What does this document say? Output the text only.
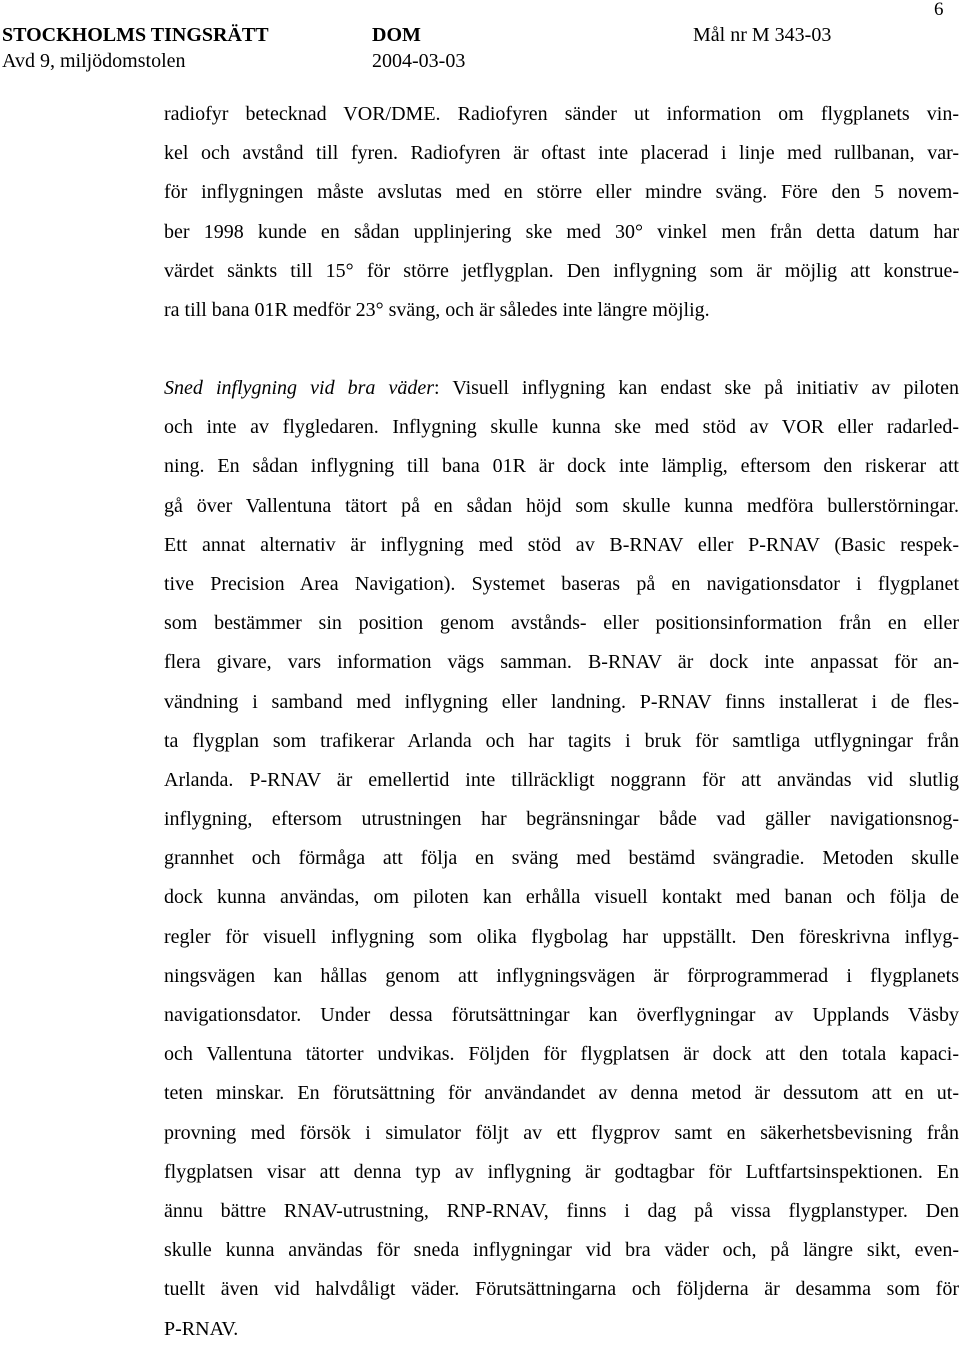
6
STOCKHOLMS TINGSRÄTT	DOM	Mål nr M 343-03
Avd 9, miljödomstolen	2004-03-03
radiofyr betecknad VOR/DME. Radiofyren sänder ut information om flygplanets vin-
kel och avstånd till fyren. Radiofyren är oftast inte placerad i linje med rullbanan, var-
för inflygningen måste avslutas med en större eller mindre sväng. Före den 5 novem-
ber 1998 kunde en sådan upplinjering ske med 30° vinkel men från detta datum har
värdet sänkts till 15° för större jetflygplan. Den inflygning som är möjlig att konstrue-
ra till bana 01R medför 23° sväng, och är således inte längre möjlig.
Sned inflygning vid bra väder: Visuell inflygning kan endast ske på initiativ av piloten
och inte av flygledaren. Inflygning skulle kunna ske med stöd av VOR eller radarled-
ning. En sådan inflygning till bana 01R är dock inte lämplig, eftersom den riskerar att
gå över Vallentuna tätort på en sådan höjd som skulle kunna medföra bullerstörningar.
Ett annat alternativ är inflygning med stöd av B-RNAV eller P-RNAV (Basic respek-
tive Precision Area Navigation). Systemet baseras på en navigationsdator i flygplanet
som bestämmer sin position genom avstånds- eller positionsinformation från en eller
flera givare, vars information vägs samman. B-RNAV är dock inte anpassat för an-
vändning i samband med inflygning eller landning. P-RNAV finns installerat i de fles-
ta flygplan som trafikerar Arlanda och har tagits i bruk för samtliga utflygningar från
Arlanda. P-RNAV är emellertid inte tillräckligt noggrann för att användas vid slutlig
inflygning, eftersom utrustningen har begränsningar både vad gäller navigationsnog-
grannhet och förmåga att följa en sväng med bestämd svängradie. Metoden skulle
dock kunna användas, om piloten kan erhålla visuell kontakt med banan och följa de
regler för visuell inflygning som olika flygbolag har uppställt. Den föreskrivna inflyg-
ningsvägen kan hållas genom att inflygningsvägen är förprogrammerad i flygplanets
navigationsdator. Under dessa förutsättningar kan överflygningar av Upplands Väsby
och Vallentuna tätorter undvikas. Följden för flygplatsen är dock att den totala kapaci-
teten minskar. En förutsättning för användandet av denna metod är dessutom att en ut-
provning med försök i simulator följt av ett flygprov samt en säkerhetsbevisning från
flygplatsen visar att denna typ av inflygning är godtagbar för Luftfartsinspektionen. En
ännu bättre RNAV-utrustning, RNP-RNAV, finns i dag på vissa flygplanstyper. Den
skulle kunna användas för sneda inflygningar vid bra väder och, på längre sikt, even-
tuellt även vid halvdåligt väder. Förutsättningarna och följderna är desamma som för
P-RNAV.
